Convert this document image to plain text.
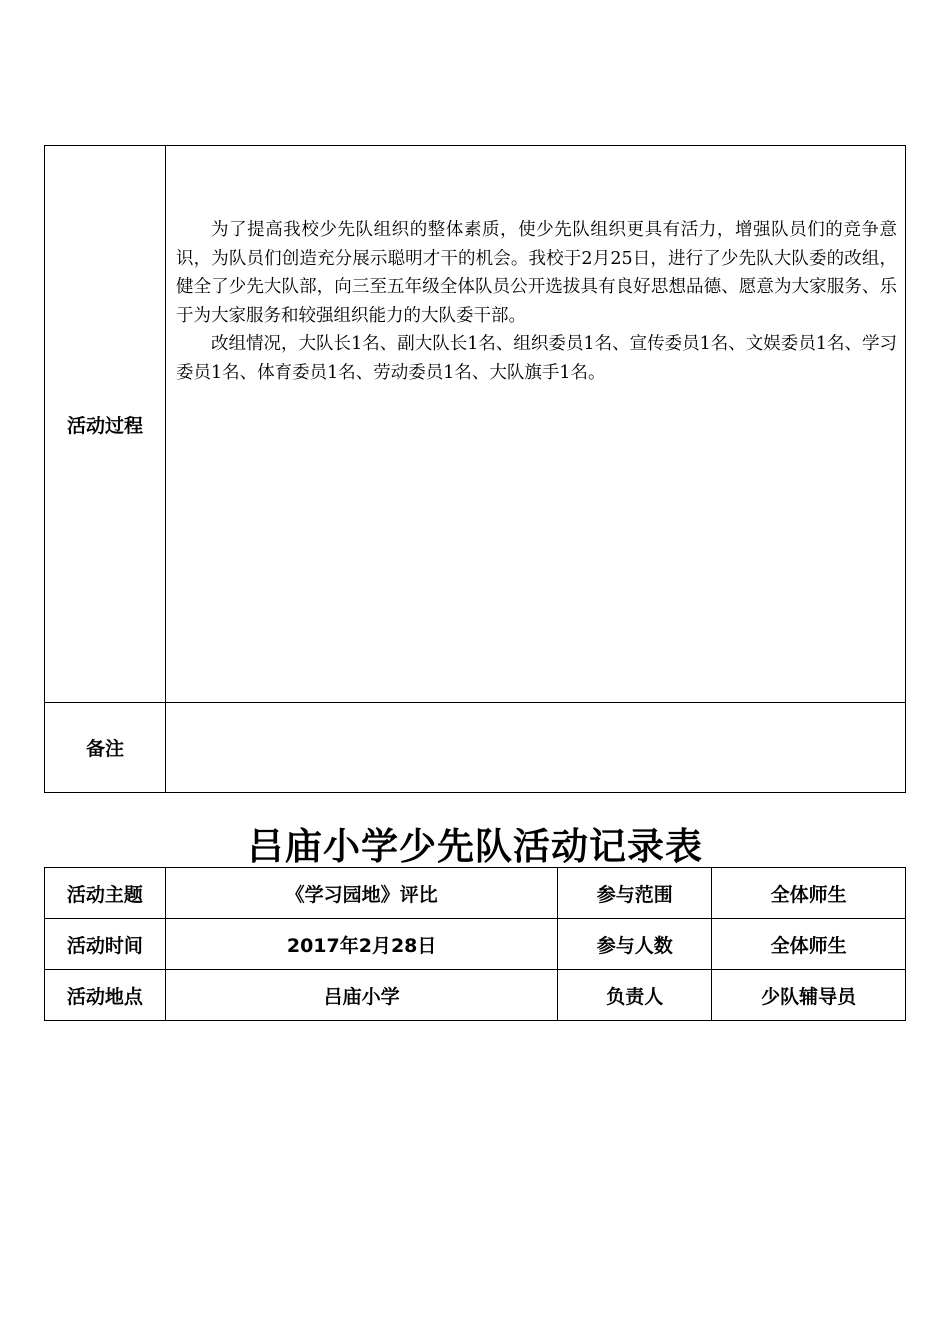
活动过程	为了提高我校少先队组织的整体素质，使少先队组织更具有活力，增强队员们的竞争意识，为队员们创造充分展示聪明才干的机会。我校于2月25日，进行了少先队大队委的改组，健全了少先大队部，向三至五年级全体队员公开选拔具有良好思想品德、愿意为大家服务、乐于为大家服务和较强组织能力的大队委干部。

改组情况，大队长1名、副大队长1名、组织委员1名、宣传委员1名、文娱委员1名、学习委员1名、体育委员1名、劳动委员1名、大队旗手1名。

备注	
吕庙小学少先队活动记录表
活动主题	《学习园地》评比	参与范围	全体师生
活动时间	2017年2月28日	参与人数	全体师生
活动地点	吕庙小学	负责人	少队辅导员
